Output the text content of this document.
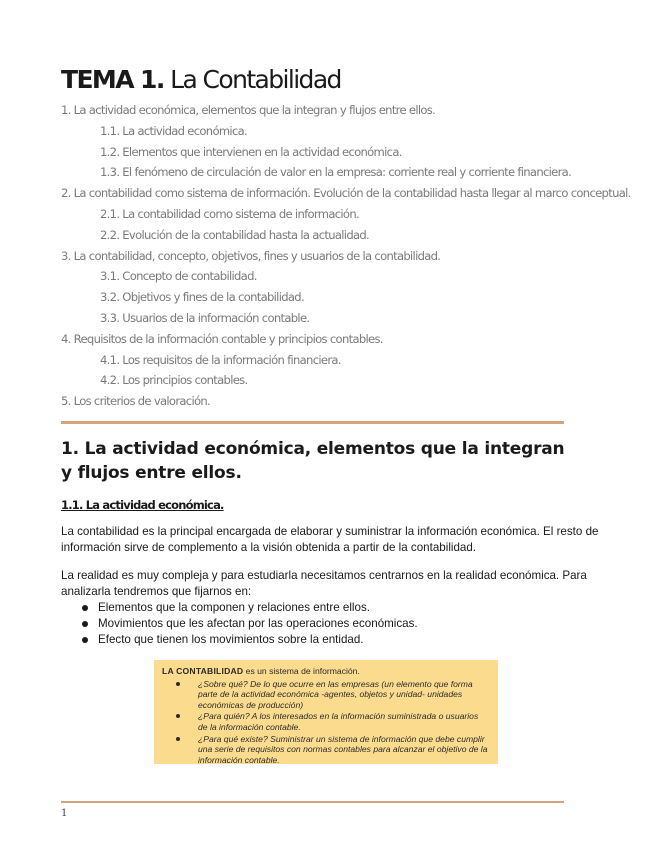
TEMA 1. La Contabilidad
1. La actividad económica, elementos que la integran y flujos entre ellos.
1.1. La actividad económica.
1.2. Elementos que intervienen en la actividad económica.
1.3. El fenómeno de circulación de valor en la empresa: corriente real y corriente financiera.
2. La contabilidad como sistema de información. Evolución de la contabilidad hasta llegar al marco conceptual.
2.1. La contabilidad como sistema de información.
2.2. Evolución de la contabilidad hasta la actualidad.
3. La contabilidad, concepto, objetivos, fines y usuarios de la contabilidad.
3.1. Concepto de contabilidad.
3.2. Objetivos y fines de la contabilidad.
3.3. Usuarios de la información contable.
4. Requisitos de la información contable y principios contables.
4.1. Los requisitos de la información financiera.
4.2. Los principios contables.
5. Los criterios de valoración.
1. La actividad económica, elementos que la integran y flujos entre ellos.
1.1. La actividad económica.

La contabilidad es la principal encargada de elaborar y suministrar la información económica. El resto de información sirve de complemento a la visión obtenida a partir de la contabilidad.

La realidad es muy compleja y para estudiarla necesitamos centrarnos en la realidad económica. Para analizarla tendremos que fijarnos en:

Elementos que la componen y relaciones entre ellos.
Movimientos que les afectan por las operaciones económicas.
Efecto que tienen los movimientos sobre la entidad.
LA CONTABILIDAD es un sistema de información.
¿Sobre qué? De lo que ocurre en las empresas (un elemento que forma parte de la actividad económica -agentes, objetos y unidad- unidades económicas de producción)
¿Para quién? A los interesados en la información suministrada o usuarios de la información contable.
¿Para qué existe? Suministrar un sistema de información que debe cumplir una serie de requisitos con normas contables para alcanzar el objetivo de la información contable.
1
